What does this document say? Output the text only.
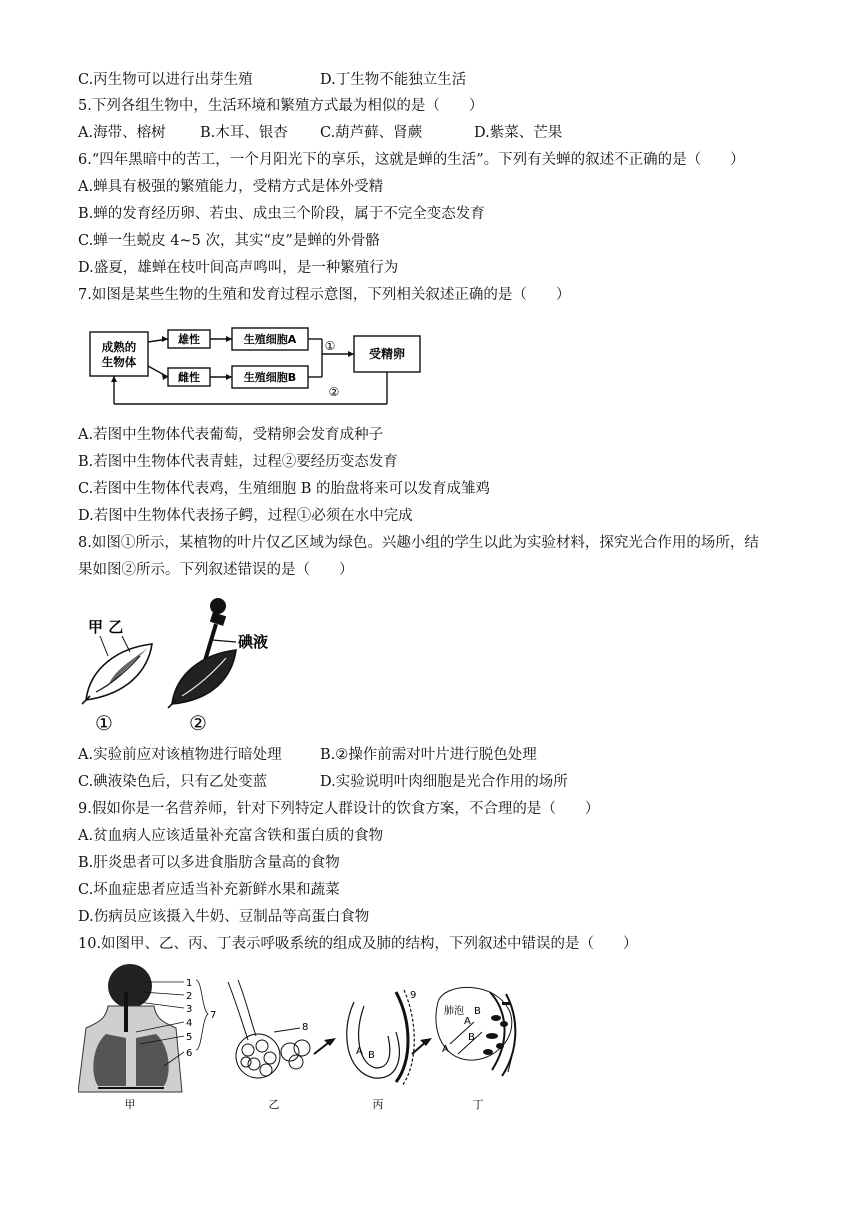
C.丙生物可以进行出芽生殖	D.丁生物不能独立生活
5.下列各组生物中，生活环境和繁殖方式最为相似的是（　　）
A.海带、榕树 B.木耳、银杏 C.葫芦藓、肾蕨	D.紫菜、芒果
6.“四年黑暗中的苦工，一个月阳光下的享乐，这就是蝉的生活”。下列有关蝉的叙述不正确的是（　　）
A.蝉具有极强的繁殖能力，受精方式是体外受精
B.蝉的发育经历卵、若虫、成虫三个阶段，属于不完全变态发育
C.蝉一生蜕皮 4~5 次，其实“皮”是蝉的外骨骼
D.盛夏，雄蝉在枝叶间高声鸣叫，是一种繁殖行为
7.如图是某些生物的生殖和发育过程示意图，下列相关叙述正确的是（　　）
成熟的
生物体
雄性
雌性
生殖细胞A
生殖细胞B
受精卵
①
②
A.若图中生物体代表葡萄，受精卵会发育成种子
B.若图中生物体代表青蛙，过程②要经历变态发育
C.若图中生物体代表鸡，生殖细胞 B 的胎盘将来可以发育成雏鸡
D.若图中生物体代表扬子鳄，过程①必须在水中完成
8.如图①所示，某植物的叶片仅乙区域为绿色。兴趣小组的学生以此为实验材料，探究光合作用的场所，结
果如图②所示。下列叙述错误的是（　　）
甲 乙
碘液
①	②
A.实验前应对该植物进行暗处理	B.②操作前需对叶片进行脱色处理
C.碘液染色后，只有乙处变蓝	D.实验说明叶肉细胞是光合作用的场所
9.假如你是一名营养师，针对下列特定人群设计的饮食方案，不合理的是（　　）
A.贫血病人应该适量补充富含铁和蛋白质的食物
B.肝炎患者可以多进食脂肪含量高的食物
C.坏血症患者应适当补充新鲜水果和蔬菜
D.伤病员应该摄入牛奶、豆制品等高蛋白食物
10.如图甲、乙、丙、丁表示呼吸系统的组成及肺的结构，下列叙述中错误的是（　　）
1
2
3
4
5
6
7
8
A B
9
肺泡
A
A
B
B
甲	乙	丙	丁
